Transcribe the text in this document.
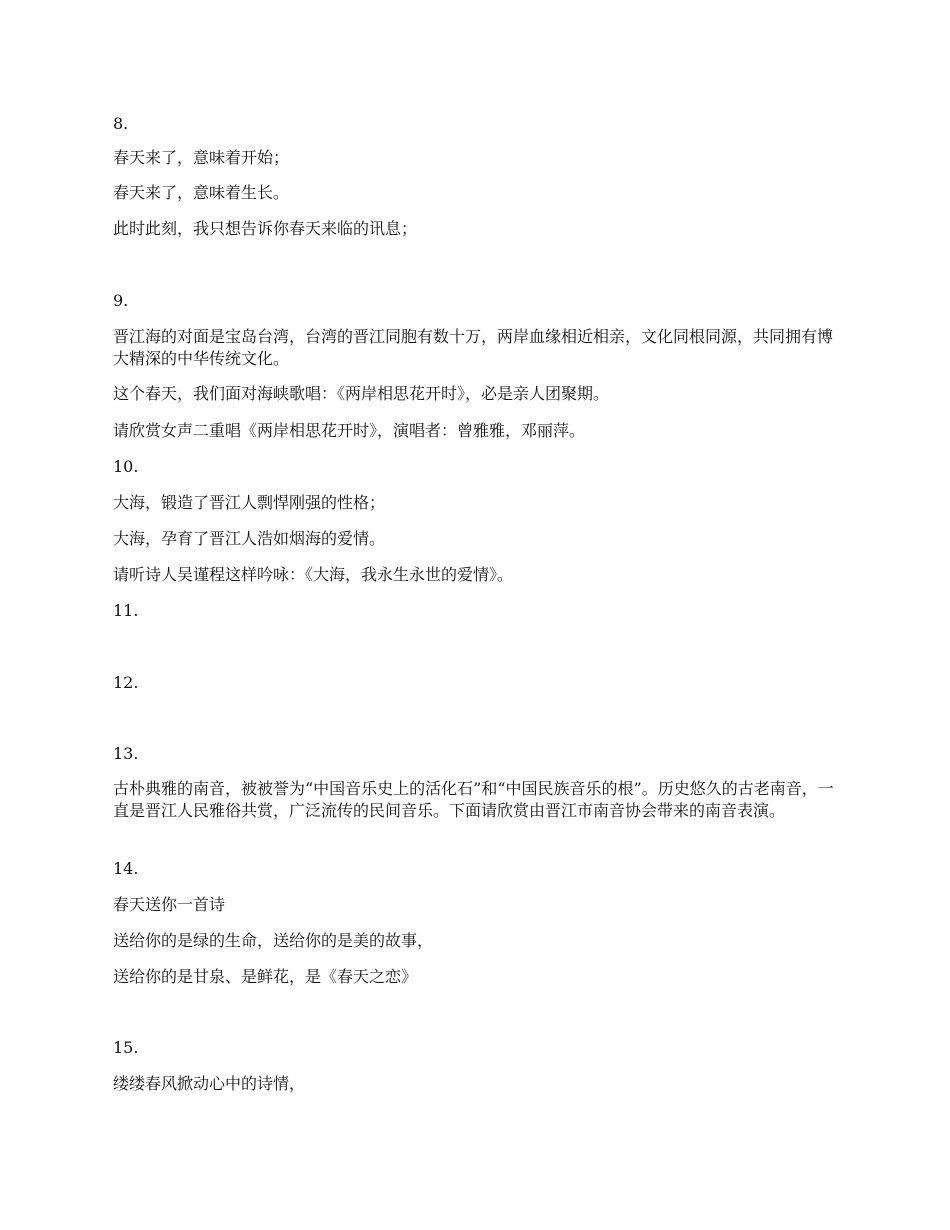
8.
春天来了，意味着开始；
春天来了，意味着生长。
此时此刻，我只想告诉你春天来临的讯息；
9.
晋江海的对面是宝岛台湾，台湾的晋江同胞有数十万，两岸血缘相近相亲，文化同根同源，共同拥有博大精深的中华传统文化。
这个春天，我们面对海峡歌唱：《两岸相思花开时》，必是亲人团聚期。
请欣赏女声二重唱《两岸相思花开时》，演唱者：曾雅雅，邓丽萍。
10.
大海，锻造了晋江人剽悍刚强的性格；
大海，孕育了晋江人浩如烟海的爱情。
请听诗人吴谨程这样吟咏：《大海，我永生永世的爱情》。
11.
12.
13.
古朴典雅的南音，被被誉为“中国音乐史上的活化石”和“中国民族音乐的根”。历史悠久的古老南音，一直是晋江人民雅俗共赏，广泛流传的民间音乐。下面请欣赏由晋江市南音协会带来的南音表演。
14.
春天送你一首诗
送给你的是绿的生命，送给你的是美的故事，
送给你的是甘泉、是鲜花，是《春天之恋》
15.
缕缕春风掀动心中的诗情，
